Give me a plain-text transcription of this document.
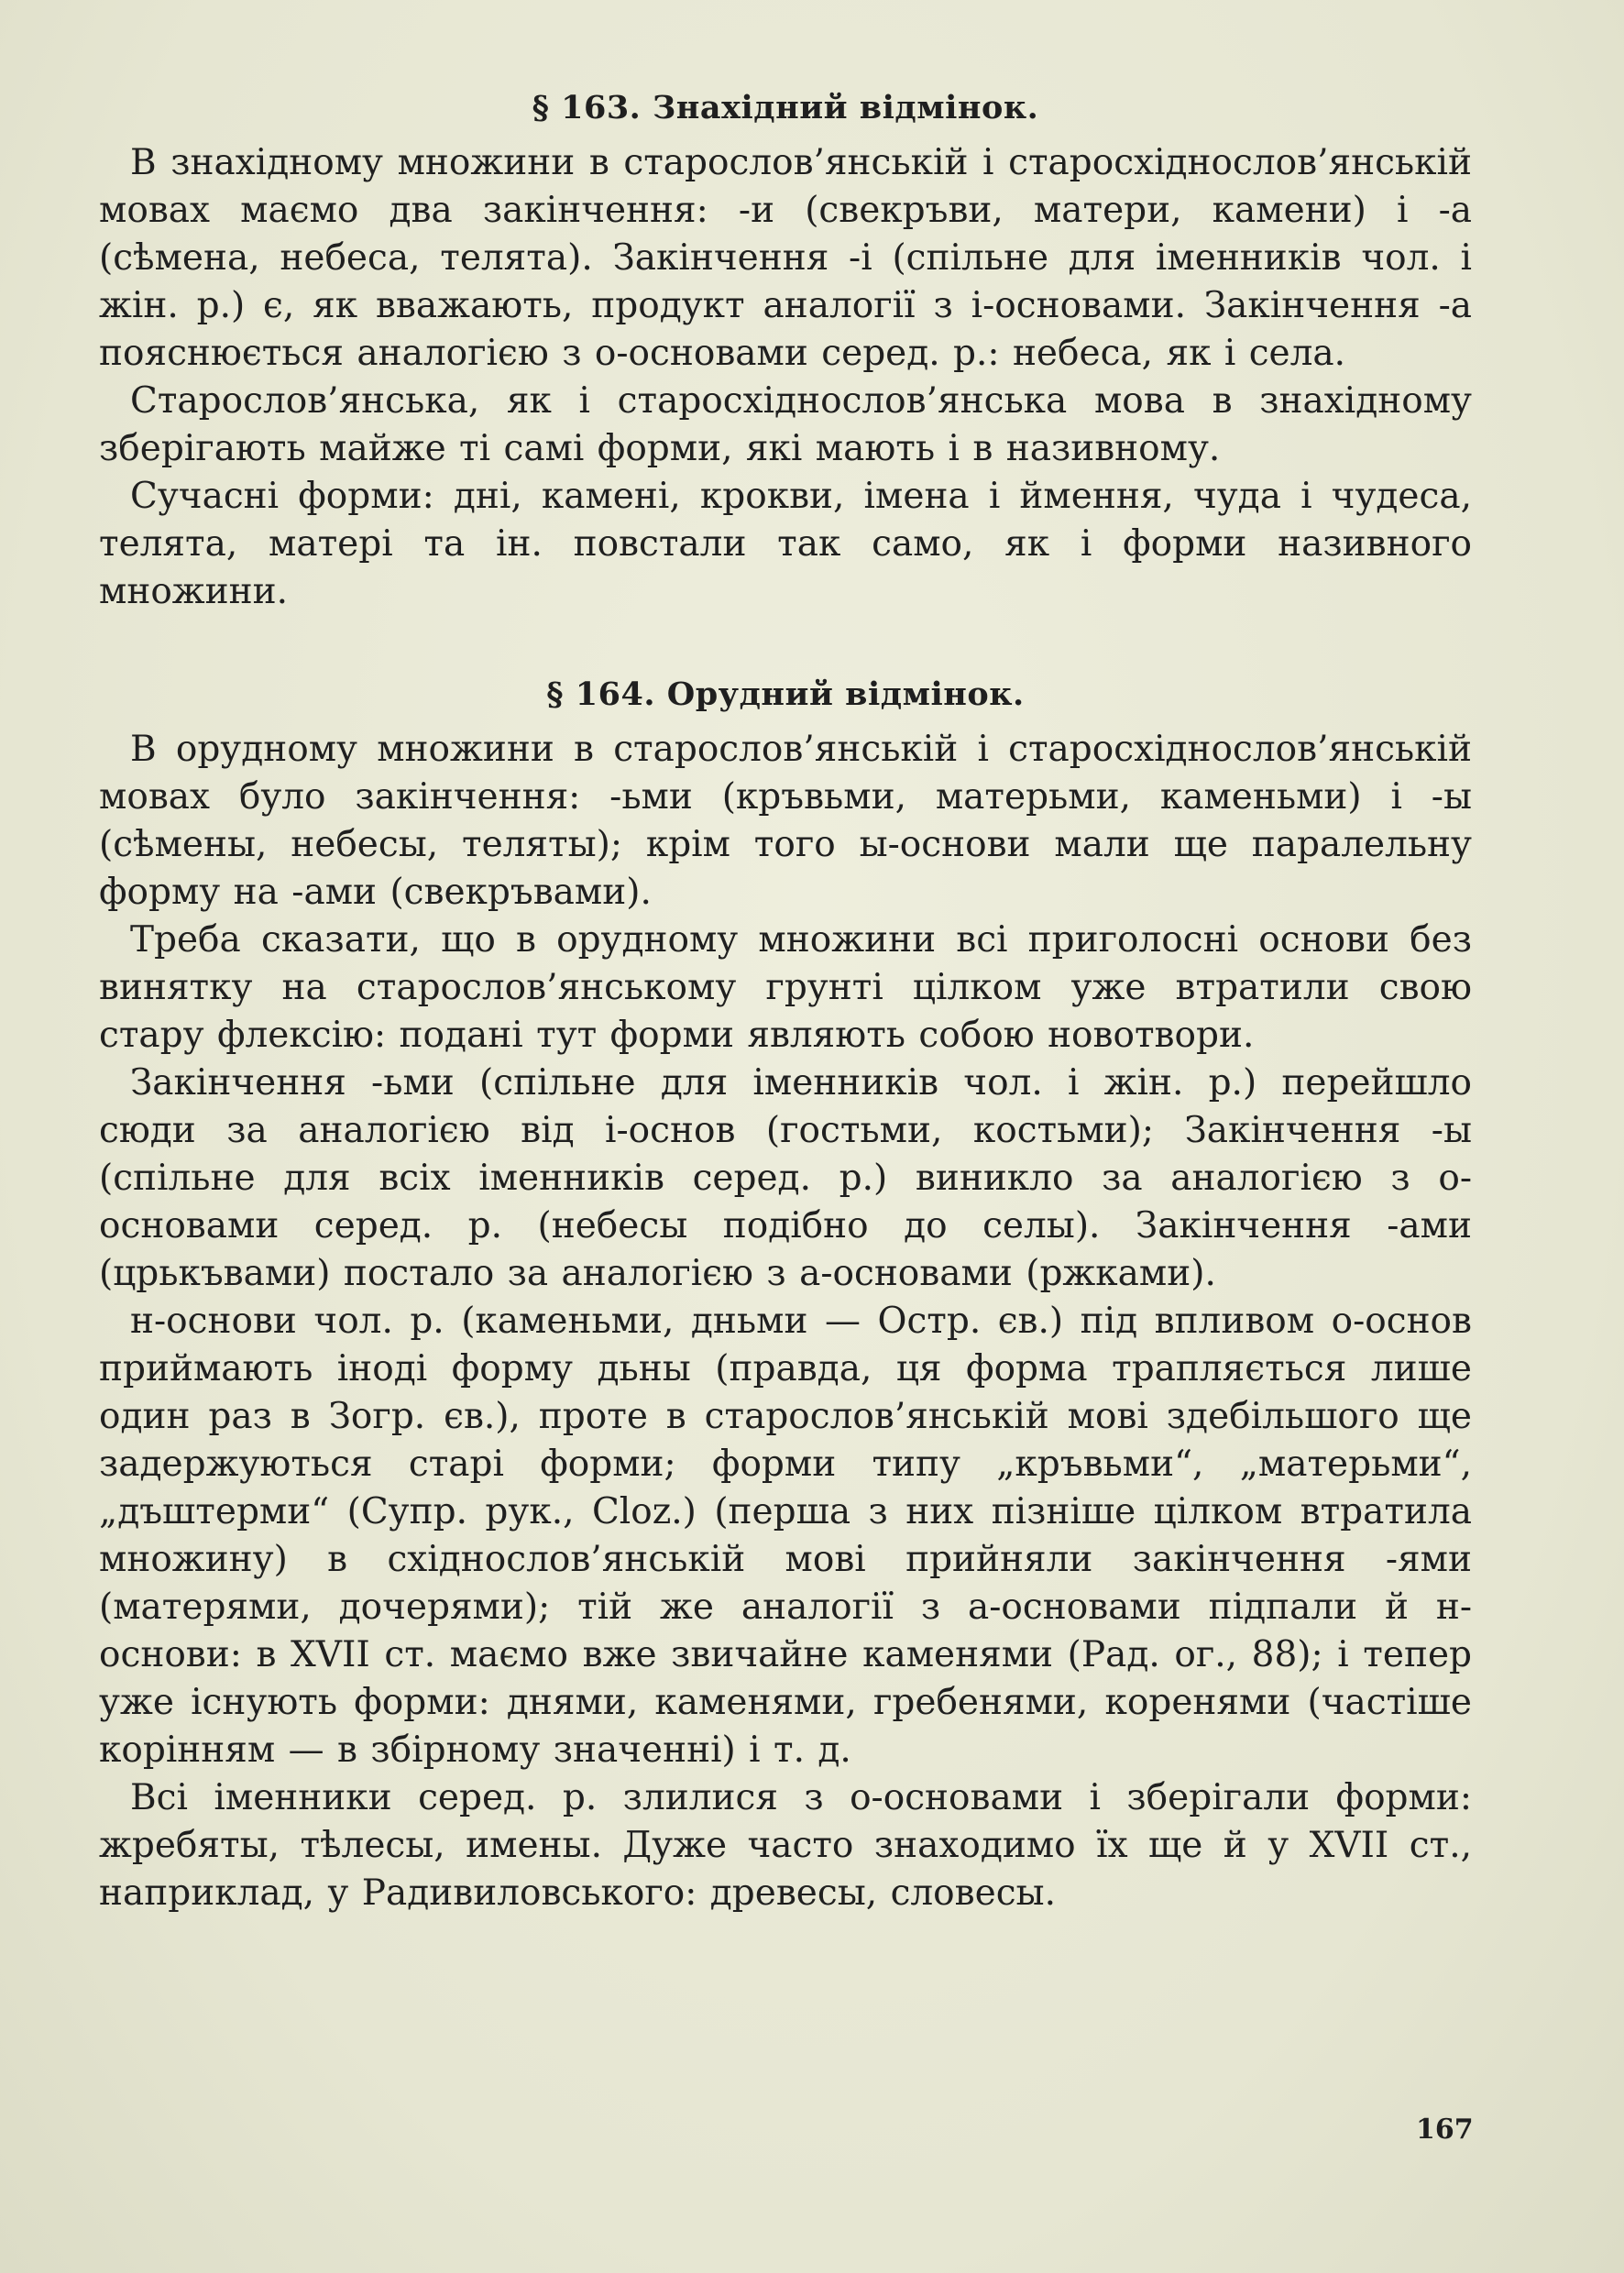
§ 163. Знахідний відмінок.

В знахідному множини в старослов’янській і старосхіднослов’янській мовах маємо два закінчення: -и (свекръви, матери, камени) і -а (сѣмена, небеса, телята). Закінчення -і (спільне для іменників чол. і жін. р.) є, як вважають, продукт аналогії з і-основами. Закінчення -а пояснюється аналогією з о-основами серед. р.: небеса, як і села.

Старослов’янська, як і старосхіднослов’янська мова в знахідному зберігають майже ті самі форми, які мають і в називному.

Сучасні форми: дні, камені, крокви, імена і ймення, чуда і чудеса, телята, матері та ін. повстали так само, як і форми називного множини.

§ 164. Орудний відмінок.

В орудному множини в старослов’янській і старосхіднослов’янській мовах було закінчення: -ьми (кръвьми, матерьми, каменьми) і -ы (сѣмены, небесы, теляты); крім того ы-основи мали ще паралельну форму на -ами (свекръвами).

Треба сказати, що в орудному множини всі приголосні основи без винятку на старослов’янському грунті цілком уже втратили свою стару флексію: подані тут форми являють собою новотвори.

Закінчення -ьми (спільне для іменників чол. і жін. р.) перейшло сюди за аналогією від і-основ (гостьми, костьми); Закінчення -ы (спільне для всіх іменників серед. р.) виникло за аналогією з о-основами серед. р. (небесы подібно до селы). Закінчення -ами (црькъвами) постало за аналогією з а-основами (ржками).

н-основи чол. р. (каменьми, дньми — Остр. єв.) під впливом о-основ приймають іноді форму дьны (правда, ця форма трапляється лише один раз в Зогр. єв.), проте в старослов’янській мові здебільшого ще задержуються старі форми; форми типу „кръвьми“, „матерьми“, „дъштерми“ (Супр. рук., Cloz.) (перша з них пізніше цілком втратила множину) в східнослов’янській мові прийняли закінчення -ями (матерями, дочерями); тій же аналогії з а-основами підпали й н-основи: в XVII ст. маємо вже звичайне каменями (Рад. ог., 88); і тепер уже існують форми: днями, каменями, гребенями, коренями (частіше корінням — в збірному значенні) і т. д.

Всі іменники серед. р. злилися з о-основами і зберігали форми: жребяты, тѣлесы, имены. Дуже часто знаходимо їх ще й у XVII ст., наприклад, у Радивиловського: древесы, словесы.

167
